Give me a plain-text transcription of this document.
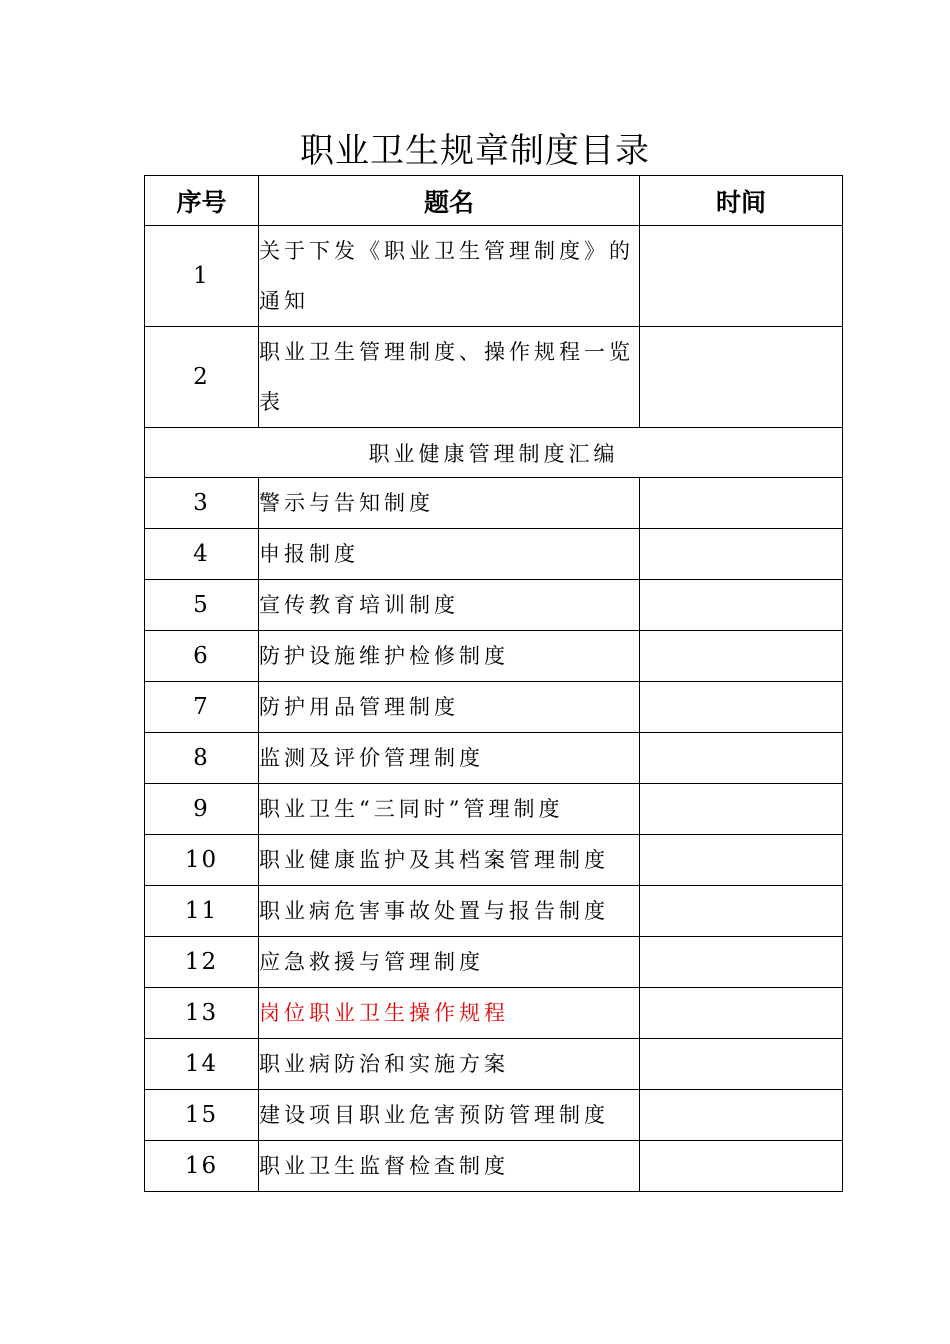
职业卫生规章制度目录
序号	题名	时间
1	关于下发《职业卫生管理制度》的通知	
2	职业卫生管理制度、操作规程一览表	
职业健康管理制度汇编		
3	警示与告知制度	
4	申报制度	
5	宣传教育培训制度	
6	防护设施维护检修制度	
7	防护用品管理制度	
8	监测及评价管理制度	
9	职业卫生“三同时”管理制度	
10	职业健康监护及其档案管理制度	
11	职业病危害事故处置与报告制度	
12	应急救援与管理制度	
13	岗位职业卫生操作规程	
14	职业病防治和实施方案	
15	建设项目职业危害预防管理制度	
16	职业卫生监督检查制度	
